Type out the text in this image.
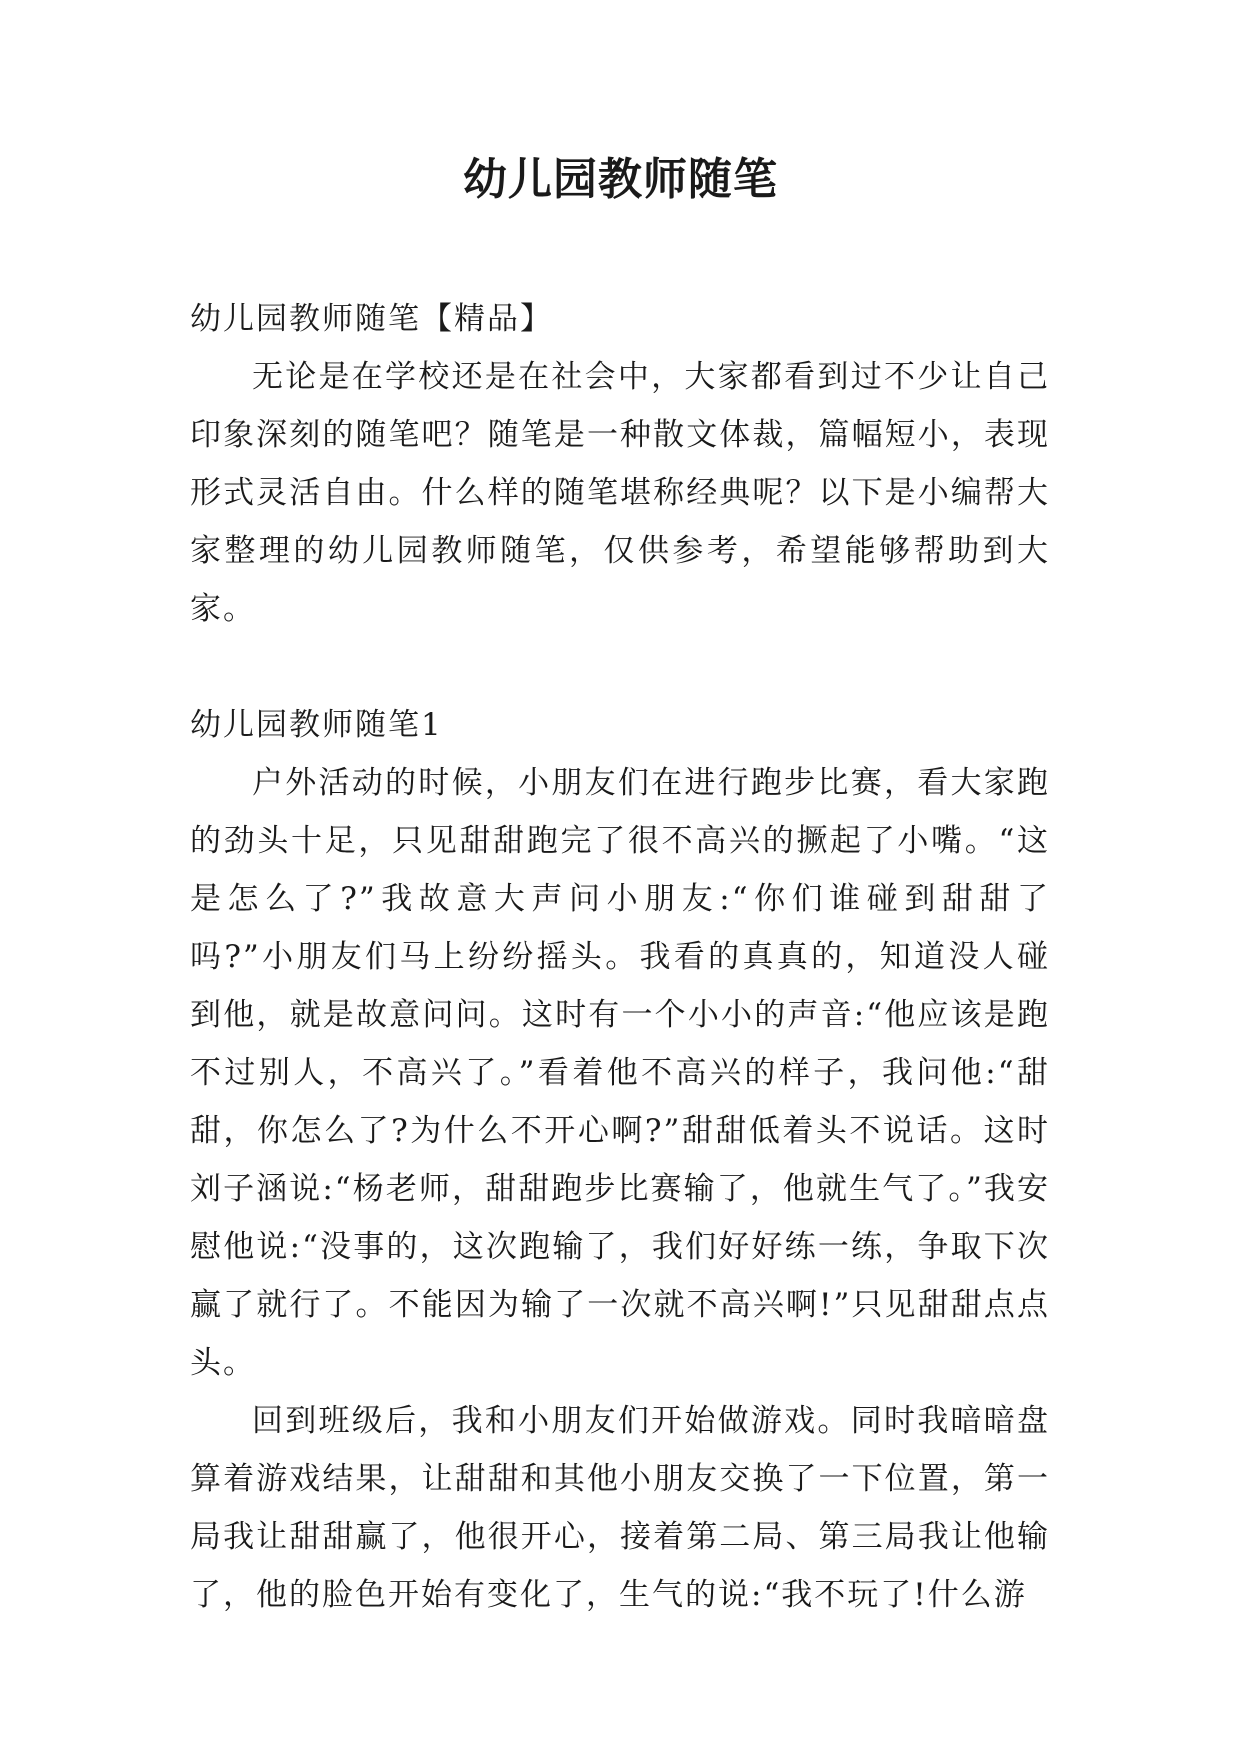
幼儿园教师随笔

幼儿园教师随笔【精品】

无论是在学校还是在社会中，大家都看到过不少让自己印象深刻的随笔吧？随笔是一种散文体裁，篇幅短小，表现形式灵活自由。什么样的随笔堪称经典呢？以下是小编帮大家整理的幼儿园教师随笔，仅供参考，希望能够帮助到大家。

幼儿园教师随笔1

户外活动的时候，小朋友们在进行跑步比赛，看大家跑的劲头十足，只见甜甜跑完了很不高兴的撅起了小嘴。“这是怎么了?”我故意大声问小朋友:“你们谁碰到甜甜了吗?”小朋友们马上纷纷摇头。我看的真真的，知道没人碰到他，就是故意问问。这时有一个小小的声音:“他应该是跑不过别人，不高兴了。”看着他不高兴的样子，我问他:“甜甜，你怎么了?为什么不开心啊?”甜甜低着头不说话。这时刘子涵说:“杨老师，甜甜跑步比赛输了，他就生气了。”我安慰他说:“没事的，这次跑输了，我们好好练一练，争取下次赢了就行了。不能因为输了一次就不高兴啊!”只见甜甜点点头。

回到班级后，我和小朋友们开始做游戏。同时我暗暗盘算着游戏结果，让甜甜和其他小朋友交换了一下位置，第一局我让甜甜赢了，他很开心，接着第二局、第三局我让他输了，他的脸色开始有变化了，生气的说:“我不玩了!什么游
